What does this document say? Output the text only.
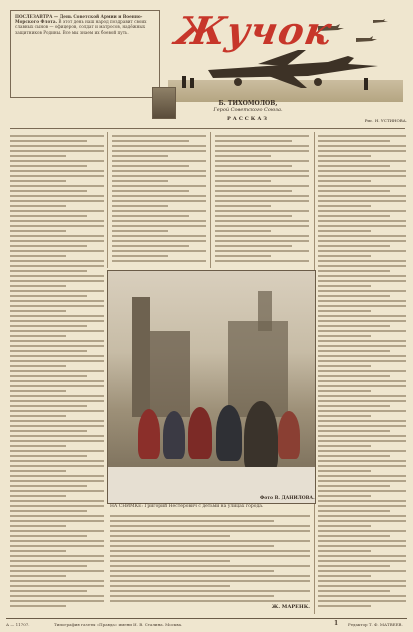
ПОСЛЕЗАВТРА — День Советской Армии и Военно-Морского Флота. В этот день наш народ поздравит своих славных сынов — офицеров, солдат и матросов, надёжных защитников Родины. Все мы знаем их боевой путь.	Жучок
Б. ТИХОМОЛОВ,
Герой Советского Союза.
РАССКАЗ	Рис. Н. УСТИНОВА.
Фото В. ДАНИЛОВА.
НА СНИМКЕ: Григорий Нестерович с детьми на улицах города.
Ж. МАРЕНК.
А — 11707.	Типография газеты «Правда» имени И. В. Сталина. Москва.	1 Редактор Т. Ф. МАТВЕЕВ.
